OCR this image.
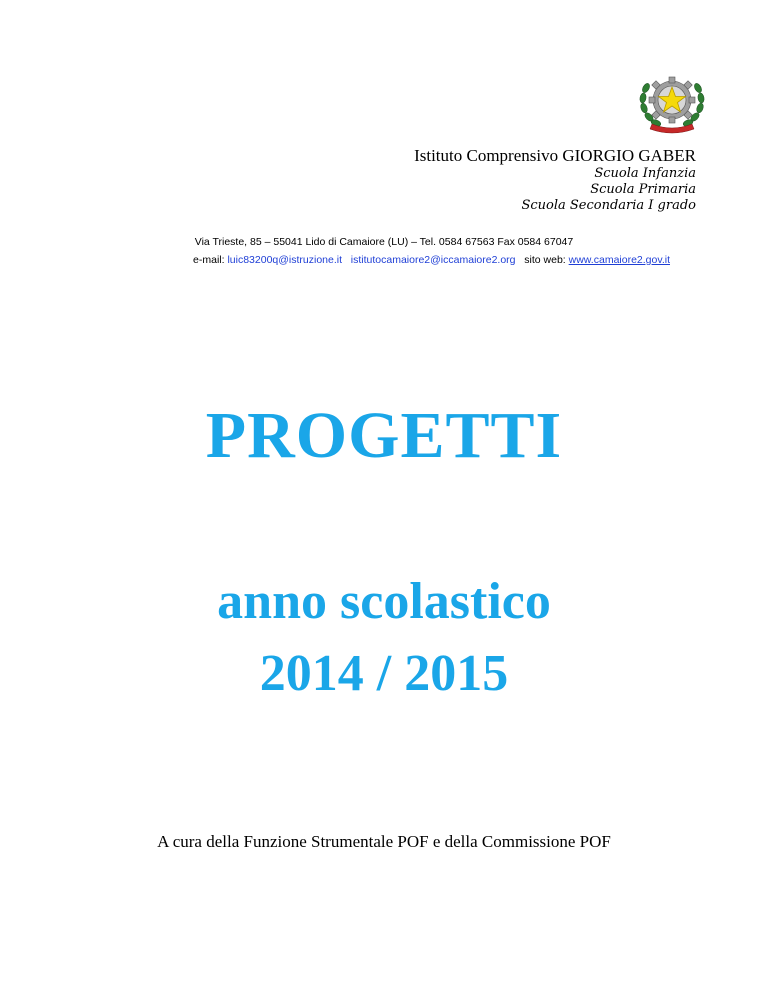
Istituto Comprensivo GIORGIO GABER
Scuola Infanzia
Scuola Primaria
Scuola Secondaria I grado
Via Trieste, 85 – 55041 Lido di Camaiore (LU) – Tel. 0584 67563 Fax 0584 67047
e-mail: luic83200q@istruzione.it istitutocamaiore2@iccamaiore2.org sito web: www.camaiore2.gov.it
PROGETTI
anno scolastico
2014 / 2015
A cura della Funzione Strumentale POF e della Commissione POF
